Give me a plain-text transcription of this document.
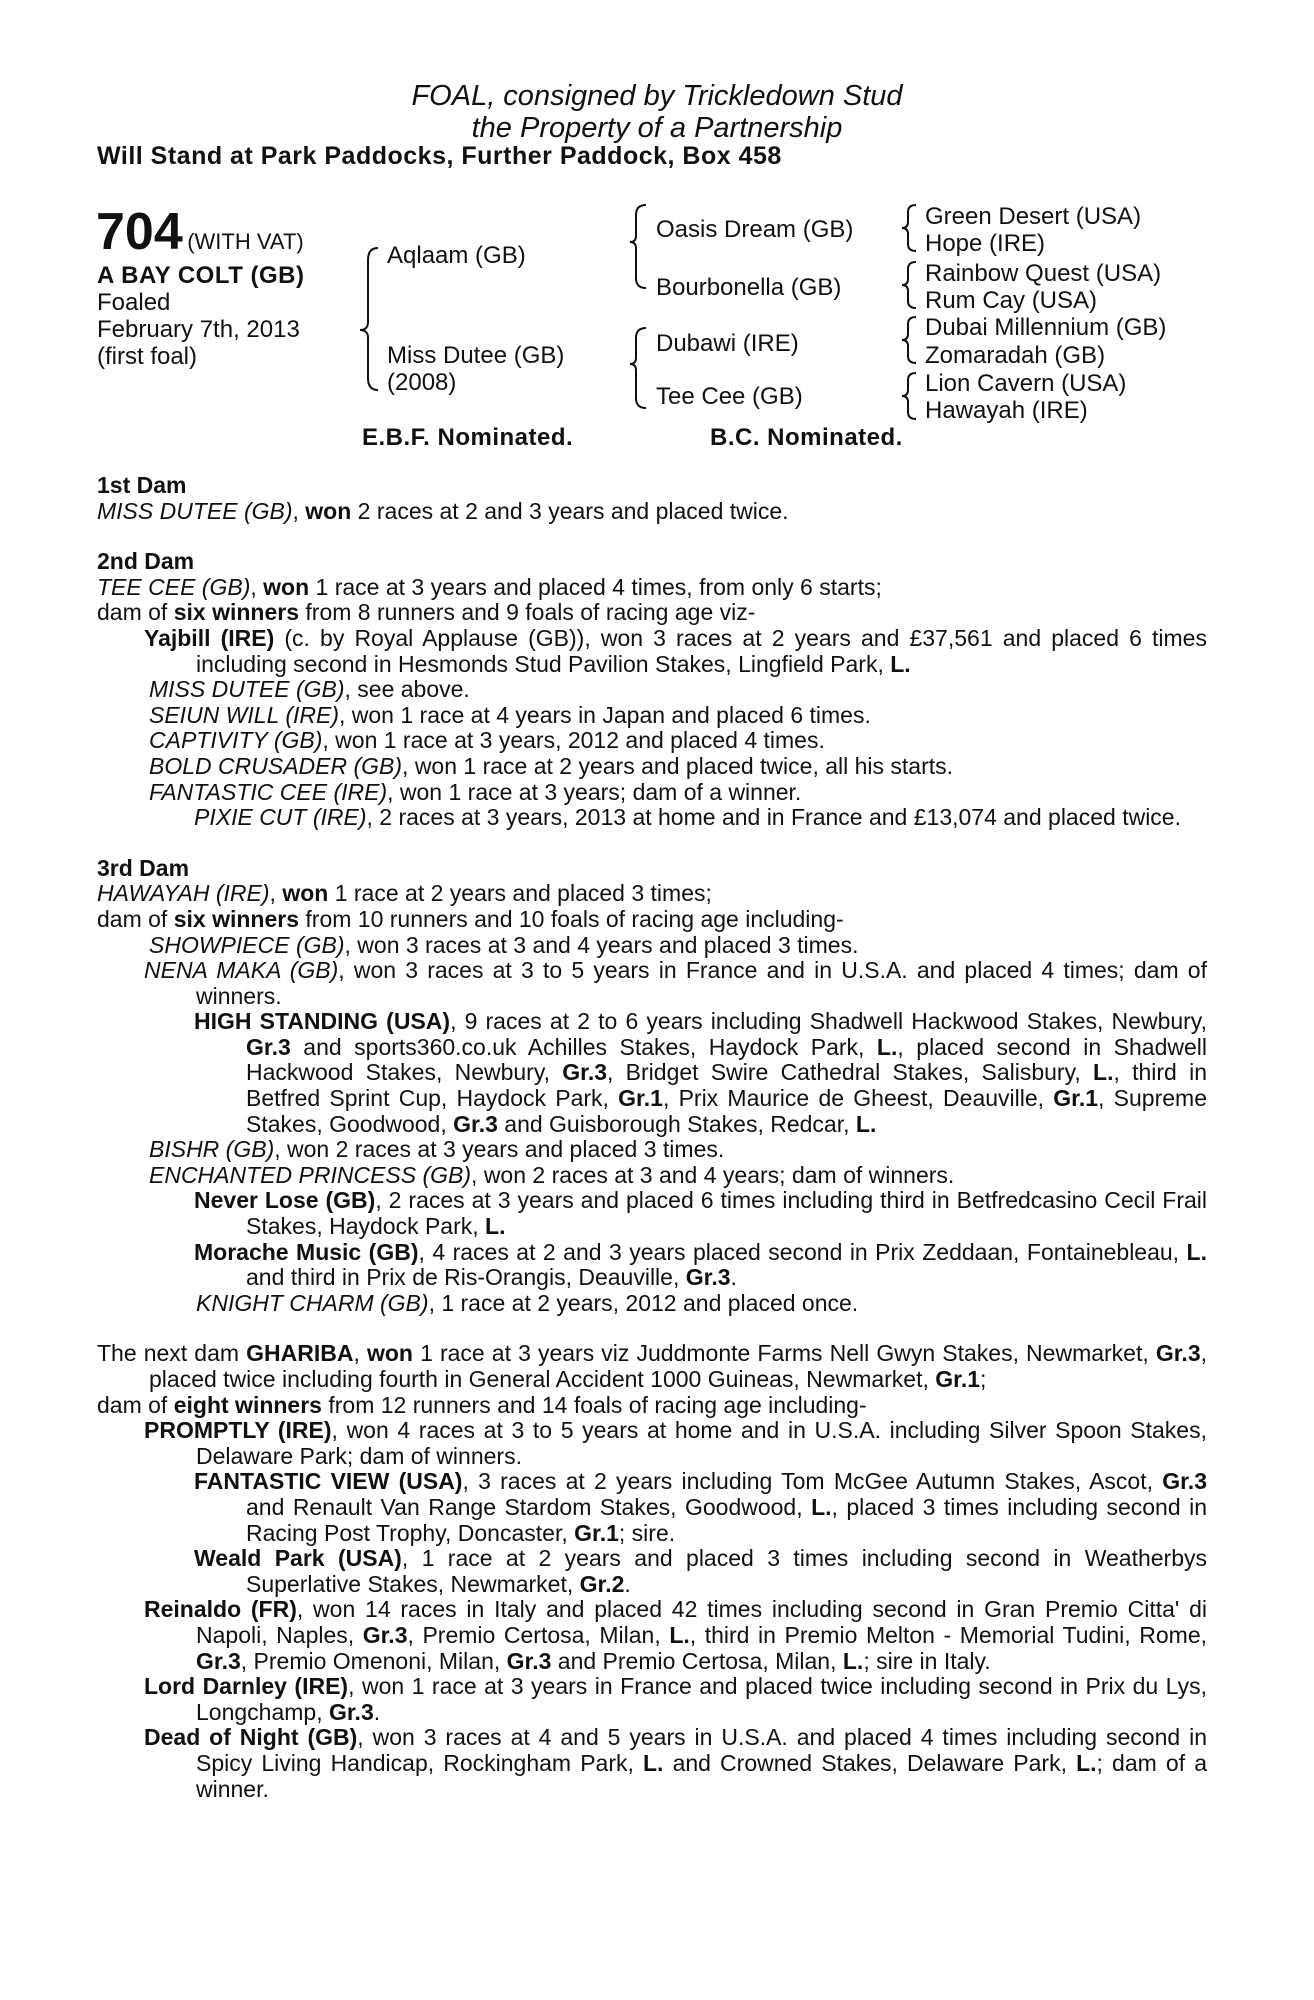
FOAL, consigned by Trickledown Stud
the Property of a Partnership
Will Stand at Park Paddocks, Further Paddock, Box 458
704 (WITH VAT)
A BAY COLT (GB)
Foaled
February 7th, 2013
(first foal)
Aqlaam (GB)
Miss Dutee (GB)
(2008)
Oasis Dream (GB)
Bourbonella (GB)
Dubawi (IRE)
Tee Cee (GB)
Green Desert (USA)
Hope (IRE)
Rainbow Quest (USA)
Rum Cay (USA)
Dubai Millennium (GB)
Zomaradah (GB)
Lion Cavern (USA)
Hawayah (IRE)
E.B.F. Nominated.	B.C. Nominated.

1st Dam

MISS DUTEE (GB), won 2 races at 2 and 3 years and placed twice.

2nd Dam

TEE CEE (GB), won 1 race at 3 years and placed 4 times, from only 6 starts;

dam of six winners from 8 runners and 9 foals of racing age viz-

Yajbill (IRE) (c. by Royal Applause (GB)), won 3 races at 2 years and £37,561 and placed 6 times including second in Hesmonds Stud Pavilion Stakes, Lingfield Park, L.

MISS DUTEE (GB), see above.

SEIUN WILL (IRE), won 1 race at 4 years in Japan and placed 6 times.

CAPTIVITY (GB), won 1 race at 3 years, 2012 and placed 4 times.

BOLD CRUSADER (GB), won 1 race at 2 years and placed twice, all his starts.

FANTASTIC CEE (IRE), won 1 race at 3 years; dam of a winner.

PIXIE CUT (IRE), 2 races at 3 years, 2013 at home and in France and £13,074 and placed twice.

3rd Dam

HAWAYAH (IRE), won 1 race at 2 years and placed 3 times;

dam of six winners from 10 runners and 10 foals of racing age including-

SHOWPIECE (GB), won 3 races at 3 and 4 years and placed 3 times.

NENA MAKA (GB), won 3 races at 3 to 5 years in France and in U.S.A. and placed 4 times; dam of winners.

HIGH STANDING (USA), 9 races at 2 to 6 years including Shadwell Hackwood Stakes, Newbury, Gr.3 and sports360.co.uk Achilles Stakes, Haydock Park, L., placed second in Shadwell Hackwood Stakes, Newbury, Gr.3, Bridget Swire Cathedral Stakes, Salisbury, L., third in Betfred Sprint Cup, Haydock Park, Gr.1, Prix Maurice de Gheest, Deauville, Gr.1, Supreme Stakes, Goodwood, Gr.3 and Guisborough Stakes, Redcar, L.

BISHR (GB), won 2 races at 3 years and placed 3 times.

ENCHANTED PRINCESS (GB), won 2 races at 3 and 4 years; dam of winners.

Never Lose (GB), 2 races at 3 years and placed 6 times including third in Betfredcasino Cecil Frail Stakes, Haydock Park, L.

Morache Music (GB), 4 races at 2 and 3 years placed second in Prix Zeddaan, Fontainebleau, L. and third in Prix de Ris-Orangis, Deauville, Gr.3.

KNIGHT CHARM (GB), 1 race at 2 years, 2012 and placed once.

The next dam GHARIBA, won 1 race at 3 years viz Juddmonte Farms Nell Gwyn Stakes, Newmarket, Gr.3, placed twice including fourth in General Accident 1000 Guineas, Newmarket, Gr.1;

dam of eight winners from 12 runners and 14 foals of racing age including-

PROMPTLY (IRE), won 4 races at 3 to 5 years at home and in U.S.A. including Silver Spoon Stakes, Delaware Park; dam of winners.

FANTASTIC VIEW (USA), 3 races at 2 years including Tom McGee Autumn Stakes, Ascot, Gr.3 and Renault Van Range Stardom Stakes, Goodwood, L., placed 3 times including second in Racing Post Trophy, Doncaster, Gr.1; sire.

Weald Park (USA), 1 race at 2 years and placed 3 times including second in Weatherbys Superlative Stakes, Newmarket, Gr.2.

Reinaldo (FR), won 14 races in Italy and placed 42 times including second in Gran Premio Citta' di Napoli, Naples, Gr.3, Premio Certosa, Milan, L., third in Premio Melton - Memorial Tudini, Rome, Gr.3, Premio Omenoni, Milan, Gr.3 and Premio Certosa, Milan, L.; sire in Italy.

Lord Darnley (IRE), won 1 race at 3 years in France and placed twice including second in Prix du Lys, Longchamp, Gr.3.

Dead of Night (GB), won 3 races at 4 and 5 years in U.S.A. and placed 4 times including second in Spicy Living Handicap, Rockingham Park, L. and Crowned Stakes, Delaware Park, L.; dam of a winner.
